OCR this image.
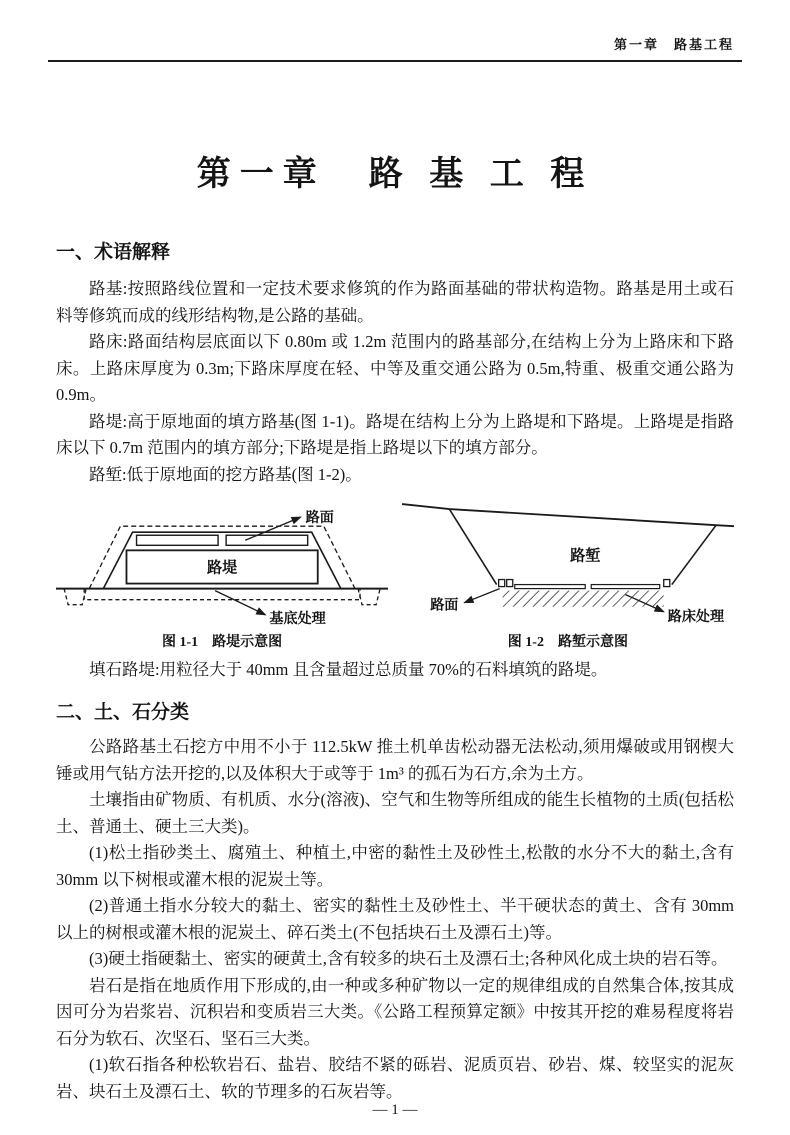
第一章　路基工程
第一章　路 基 工 程
一、术语解释

路基:按照路线位置和一定技术要求修筑的作为路面基础的带状构造物。路基是用土或石料等修筑而成的线形结构物,是公路的基础。

路床:路面结构层底面以下 0.80m 或 1.2m 范围内的路基部分,在结构上分为上路床和下路床。上路床厚度为 0.3m;下路床厚度在轻、中等及重交通公路为 0.5m,特重、极重交通公路为 0.9m。

路堤:高于原地面的填方路基(图 1-1)。路堤在结构上分为上路堤和下路堤。上路堤是指路床以下 0.7m 范围内的填方部分;下路堤是指上路堤以下的填方部分。

路堑:低于原地面的挖方路基(图 1-2)。

路面
路堤
基底处理
图 1-1　路堤示意图
路堑
路面
路床处理
图 1-2　路堑示意图

填石路堤:用粒径大于 40mm 且含量超过总质量 70%的石料填筑的路堤。

二、土、石分类

公路路基土石挖方中用不小于 112.5kW 推土机单齿松动器无法松动,须用爆破或用钢楔大锤或用气钻方法开挖的,以及体积大于或等于 1m³ 的孤石为石方,余为土方。

土壤指由矿物质、有机质、水分(溶液)、空气和生物等所组成的能生长植物的土质(包括松土、普通土、硬土三大类)。

(1)松土指砂类土、腐殖土、种植土,中密的黏性土及砂性土,松散的水分不大的黏土,含有 30mm 以下树根或灌木根的泥炭土等。

(2)普通土指水分较大的黏土、密实的黏性土及砂性土、半干硬状态的黄土、含有 30mm 以上的树根或灌木根的泥炭土、碎石类土(不包括块石土及漂石土)等。

(3)硬土指硬黏土、密实的硬黄土,含有较多的块石土及漂石土;各种风化成土块的岩石等。

岩石是指在地质作用下形成的,由一种或多种矿物以一定的规律组成的自然集合体,按其成因可分为岩浆岩、沉积岩和变质岩三大类。《公路工程预算定额》中按其开挖的难易程度将岩石分为软石、次坚石、坚石三大类。

(1)软石指各种松软岩石、盐岩、胶结不紧的砾岩、泥质页岩、砂岩、煤、较坚实的泥灰岩、块石土及漂石土、软的节理多的石灰岩等。

— 1 —
